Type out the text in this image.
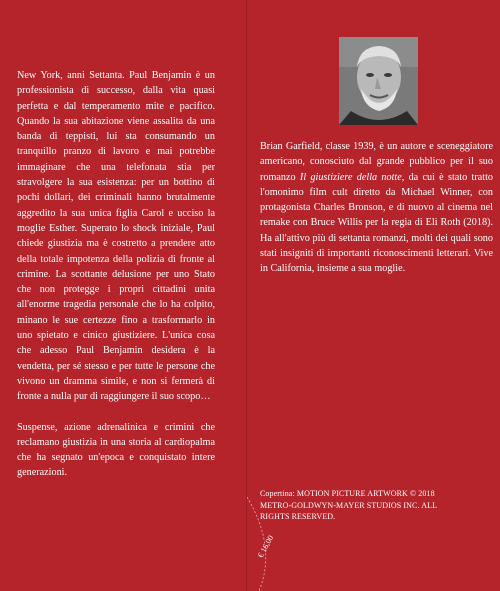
New York, anni Settanta. Paul Benjamin è un professionista di successo, dalla vita quasi perfetta e dal temperamento mite e pacifico. Quando la sua abitazione viene assalita da una banda di teppisti, lui sta consumando un tranquillo pranzo di lavoro e mai potrebbe immaginare che una telefonata stia per stravolgere la sua esistenza: per un bottino di pochi dollari, dei criminali hanno brutalmente aggredito la sua unica figlia Carol e ucciso la moglie Esther. Superato lo shock iniziale, Paul chiede giustizia ma è costretto a prendere atto della totale impotenza della polizia di fronte al crimine. La scottante delusione per uno Stato che non protegge i propri cittadini unita all'enorme tragedia personale che lo ha colpito, minano le sue certezze fino a trasformarlo in uno spietato e cinico giustiziere. L'unica cosa che adesso Paul Benjamin desidera è la vendetta, per sé stesso e per tutte le persone che vivono un dramma simile, e non si fermerà di fronte a nulla pur di raggiungere il suo scopo…

Suspense, azione adrenalinica e crimini che reclamano giustizia in una storia al cardiopalma che ha segnato un'epoca e conquistato intere generazioni.

Brian Garfield, classe 1939, è un autore e sceneggiatore americano, conosciuto dal grande pubblico per il suo romanzo Il giustiziere della notte, da cui è stato tratto l'omonimo film cult diretto da Michael Winner, con protagonista Charles Bronson, e di nuovo al cinema nel remake con Bruce Willis per la regia di Eli Roth (2018). Ha all'attivo più di settanta romanzi, molti dei quali sono stati insigniti di importanti riconoscimenti letterari. Vive in California, insieme a sua moglie.

Copertina: MOTION PICTURE ARTWORK © 2018
METRO-GOLDWYN-MAYER STUDIOS INC. ALL
RIGHTS RESERVED.
€ 16,00
